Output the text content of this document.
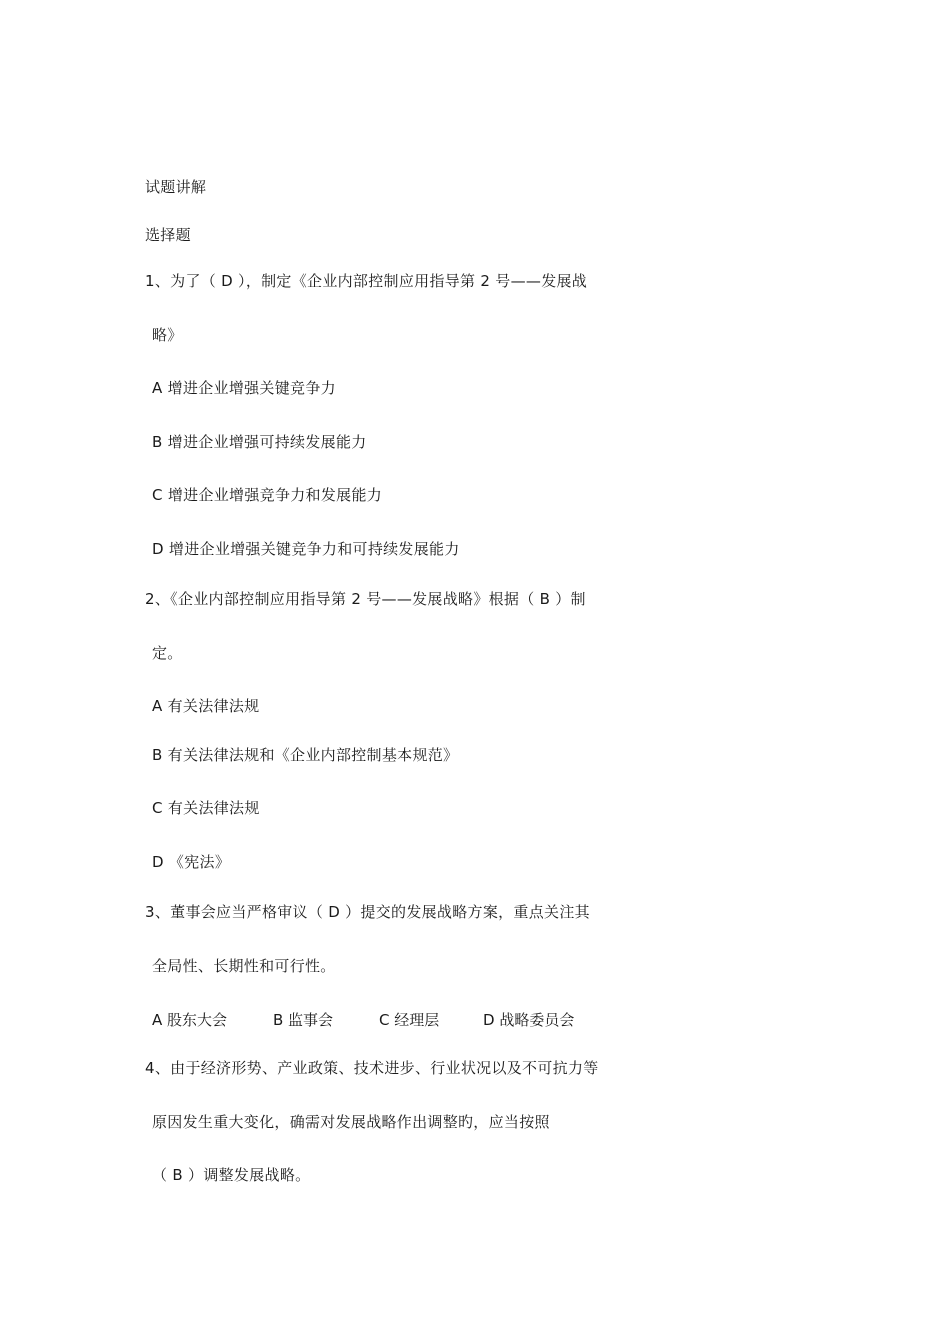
试题讲解
选择题
1、为了（ D ），制定《企业内部控制应用指导第 2 号——发展战
略》
A 增进企业增强关键竞争力
B 增进企业增强可持续发展能力
C 增进企业增强竞争力和发展能力
D 增进企业增强关键竞争力和可持续发展能力
2、《企业内部控制应用指导第 2 号——发展战略》根据（ B ）制
定。
A 有关法律法规
B 有关法律法规和《企业内部控制基本规范》
C 有关法律法规
D 《宪法》
3、董事会应当严格审议（ D ）提交的发展战略方案，重点关注其
全局性、长期性和可行性。
A 股东大会	B 监事会	C 经理层	D 战略委员会
4、由于经济形势、产业政策、技术进步、行业状况以及不可抗力等
原因发生重大变化，确需对发展战略作出调整旳，应当按照
（ B ）调整发展战略。
